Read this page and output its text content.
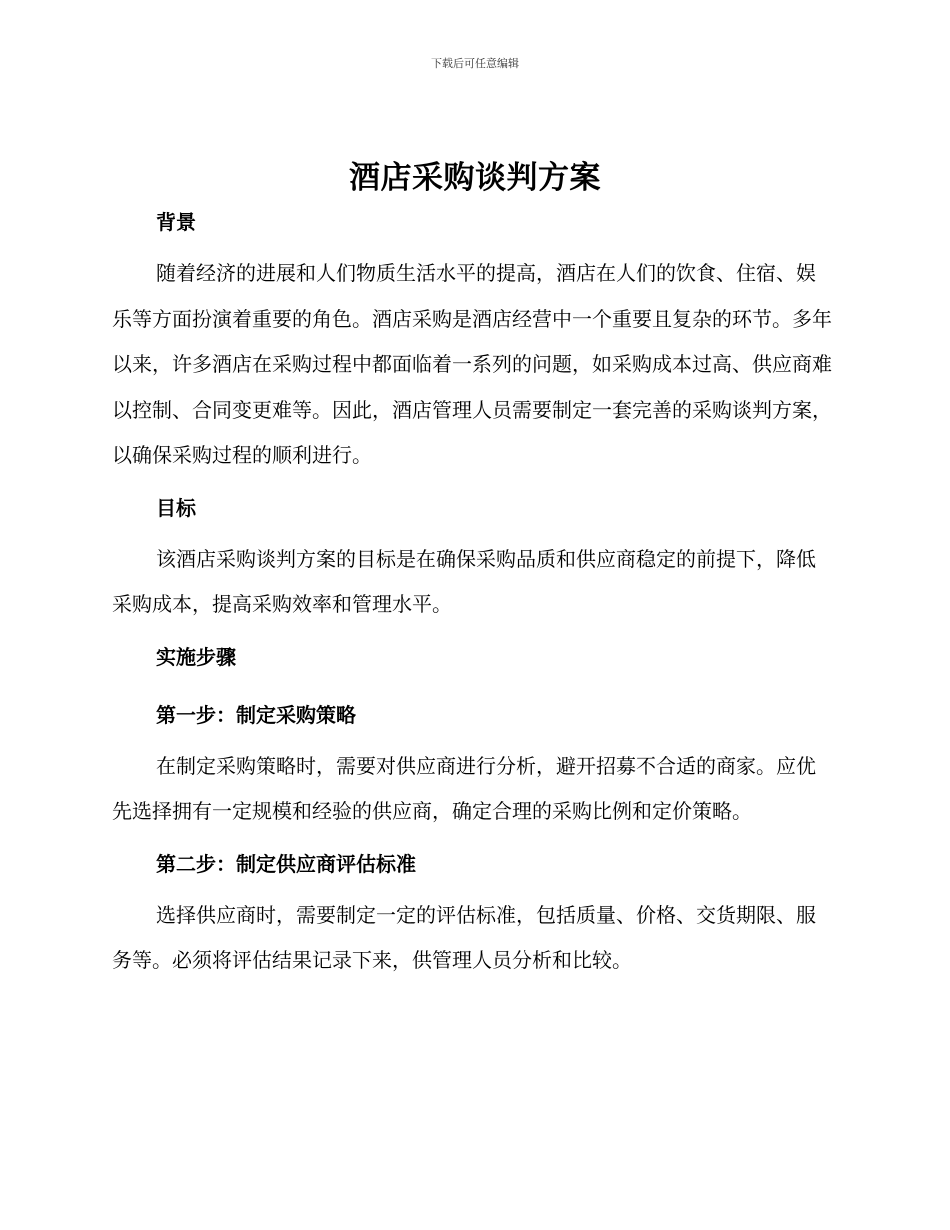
下载后可任意编辑
酒店采购谈判方案

背景

随着经济的进展和人们物质生活水平的提高，酒店在人们的饮食、住宿、娱乐等方面扮演着重要的角色。酒店采购是酒店经营中一个重要且复杂的环节。多年以来，许多酒店在采购过程中都面临着一系列的问题，如采购成本过高、供应商难以控制、合同变更难等。因此，酒店管理人员需要制定一套完善的采购谈判方案，以确保采购过程的顺利进行。

目标

该酒店采购谈判方案的目标是在确保采购品质和供应商稳定的前提下，降低采购成本，提高采购效率和管理水平。

实施步骤

第一步：制定采购策略

在制定采购策略时，需要对供应商进行分析，避开招募不合适的商家。应优先选择拥有一定规模和经验的供应商，确定合理的采购比例和定价策略。

第二步：制定供应商评估标准

选择供应商时，需要制定一定的评估标准，包括质量、价格、交货期限、服务等。必须将评估结果记录下来，供管理人员分析和比较。
